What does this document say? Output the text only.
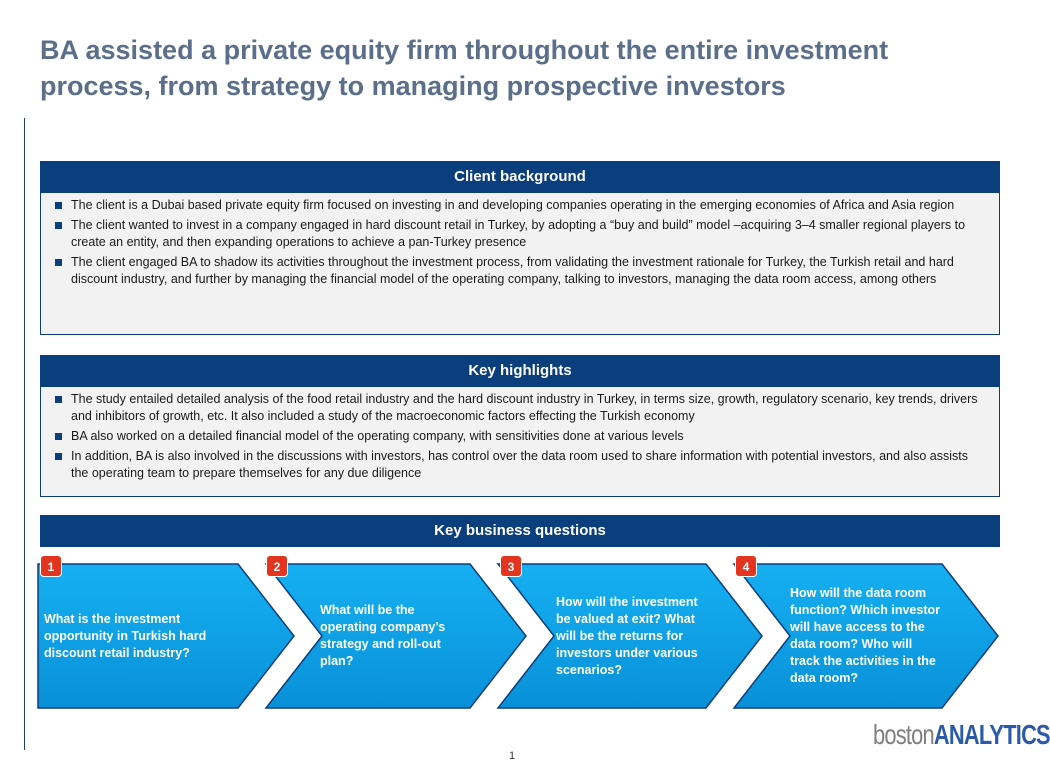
BA assisted a private equity firm throughout the entire investment process, from strategy to managing prospective investors
Client background
The client is a Dubai based private equity firm focused on investing in and developing companies operating in the emerging economies of Africa and Asia region
The client wanted to invest in a company engaged in hard discount retail in Turkey, by adopting a “buy and build” model –acquiring 3–4 smaller regional players to create an entity, and then expanding operations to achieve a pan-Turkey presence
The client engaged BA to shadow its activities throughout the investment process, from validating the investment rationale for Turkey, the Turkish retail and hard discount industry, and further by managing the financial model of the operating company, talking to investors, managing the data room access, among others
Key highlights
The study entailed detailed analysis of the food retail industry and the hard discount industry in Turkey, in terms size, growth, regulatory scenario, key trends, drivers and inhibitors of growth, etc. It also included a study of the macroeconomic factors effecting the Turkish economy
BA also worked on a detailed financial model of the operating company, with sensitivities done at various levels
In addition, BA is also involved in the discussions with investors, has control over the data room used to share information with potential investors, and also assists the operating team to prepare themselves for any due diligence
Key business questions
1	2	3	4
What is the investment opportunity in Turkish hard discount retail industry?
What will be the operating company’s strategy and roll-out plan?
How will the investment be valued at exit? What will be the returns for investors under various scenarios?
How will the data room function? Which investor will have access to the data room? Who will track the activities in the data room?
bostonANALYTICS
1
